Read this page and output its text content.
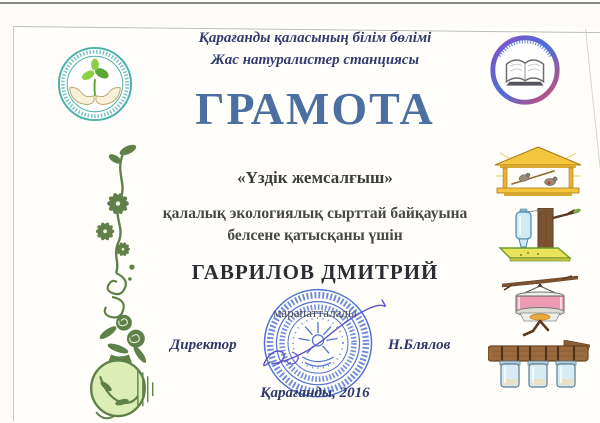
Қарағанды қаласының білім бөлімі
Жас натуралистер станциясы
ГРАМОТА
«Үздік жемсалғыш»
қалалық экологиялық сырттай байқауына
белсене қатысқаны үшін
ГАВРИЛОВ ДМИТРИЙ
марапатталады
Директор	Н.Блялов
Қарағанды, 2016
